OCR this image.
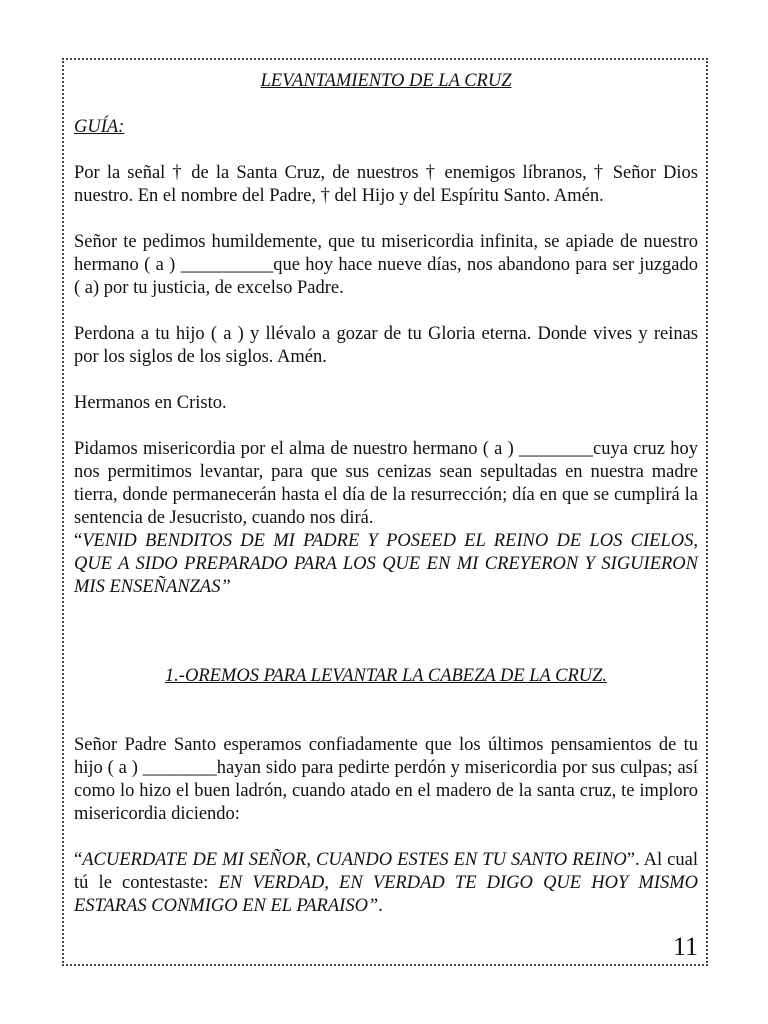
LEVANTAMIENTO DE LA CRUZ

GUÍA:

Por la señal † de la Santa Cruz, de nuestros † enemigos líbranos, † Señor Dios nuestro. En el nombre del Padre, † del Hijo y del Espíritu Santo. Amén.

Señor te pedimos humildemente, que tu misericordia infinita, se apiade de nuestro hermano ( a ) __________que hoy hace nueve días, nos abandono para ser juzgado ( a) por tu justicia, de excelso Padre.

Perdona a tu hijo ( a ) y llévalo a gozar de tu Gloria eterna. Donde vives y reinas por los siglos de los siglos. Amén.

Hermanos en Cristo.

Pidamos misericordia por el alma de nuestro hermano ( a ) ________cuya cruz hoy nos permitimos levantar, para que sus cenizas sean sepultadas en nuestra madre tierra, donde permanecerán hasta el día de la resurrección; día en que se cumplirá la sentencia de Jesucristo, cuando nos dirá.

“VENID BENDITOS DE MI PADRE Y POSEED EL REINO DE LOS CIELOS, QUE A SIDO PREPARADO PARA LOS QUE EN MI CREYERON Y SIGUIERON MIS ENSEÑANZAS”

1.-OREMOS PARA LEVANTAR LA CABEZA DE LA CRUZ.

Señor Padre Santo esperamos confiadamente que los últimos pensamientos de tu hijo ( a ) ________hayan sido para pedirte perdón y misericordia por sus culpas; así como lo hizo el buen ladrón, cuando atado en el madero de la santa cruz, te imploro misericordia diciendo:

“ACUERDATE DE MI SEÑOR, CUANDO ESTES EN TU SANTO REINO”. Al cual tú le contestaste: EN VERDAD, EN VERDAD TE DIGO QUE HOY MISMO ESTARAS CONMIGO EN EL PARAISO”.

11
